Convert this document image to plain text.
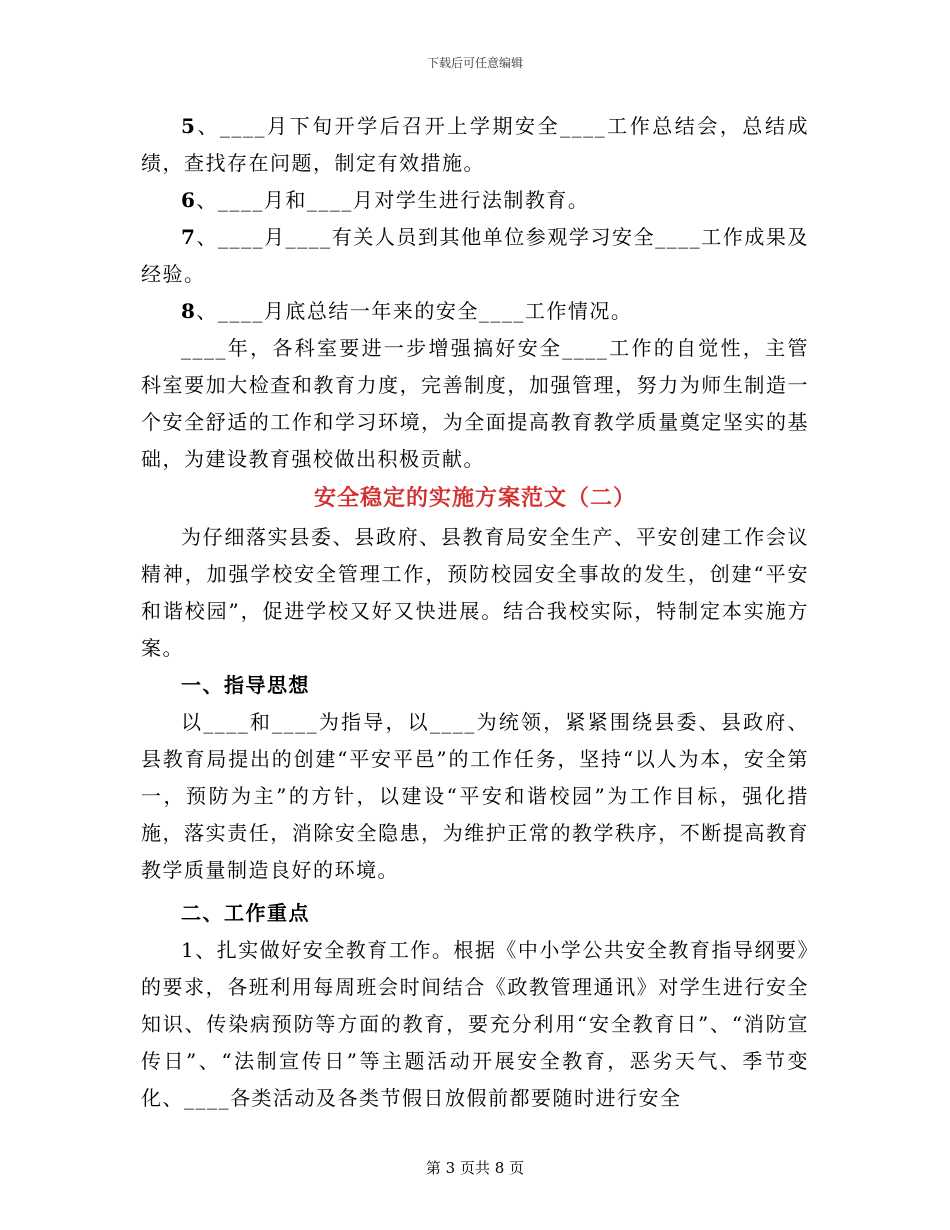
下载后可任意编辑

5、____月下旬开学后召开上学期安全____工作总结会，总结成绩，查找存在问题，制定有效措施。

6、____月和____月对学生进行法制教育。

7、____月____有关人员到其他单位参观学习安全____工作成果及经验。

8、____月底总结一年来的安全____工作情况。

____年，各科室要进一步增强搞好安全____工作的自觉性，主管科室要加大检查和教育力度，完善制度，加强管理，努力为师生制造一个安全舒适的工作和学习环境，为全面提高教育教学质量奠定坚实的基础，为建设教育强校做出积极贡献。

安全稳定的实施方案范文（二）

为仔细落实县委、县政府、县教育局安全生产、平安创建工作会议精神，加强学校安全管理工作，预防校园安全事故的发生，创建“平安和谐校园”，促进学校又好又快进展。结合我校实际，特制定本实施方案。

一、指导思想

以____和____为指导，以____为统领，紧紧围绕县委、县政府、县教育局提出的创建“平安平邑”的工作任务，坚持“以人为本，安全第一，预防为主”的方针，以建设“平安和谐校园”为工作目标，强化措施，落实责任，消除安全隐患，为维护正常的教学秩序，不断提高教育教学质量制造良好的环境。

二、工作重点

1、扎实做好安全教育工作。根据《中小学公共安全教育指导纲要》的要求，各班利用每周班会时间结合《政教管理通讯》对学生进行安全知识、传染病预防等方面的教育，要充分利用“安全教育日”、“消防宣传日”、“法制宣传日”等主题活动开展安全教育，恶劣天气、季节变化、____各类活动及各类节假日放假前都要随时进行安全

第 3 页共 8 页
